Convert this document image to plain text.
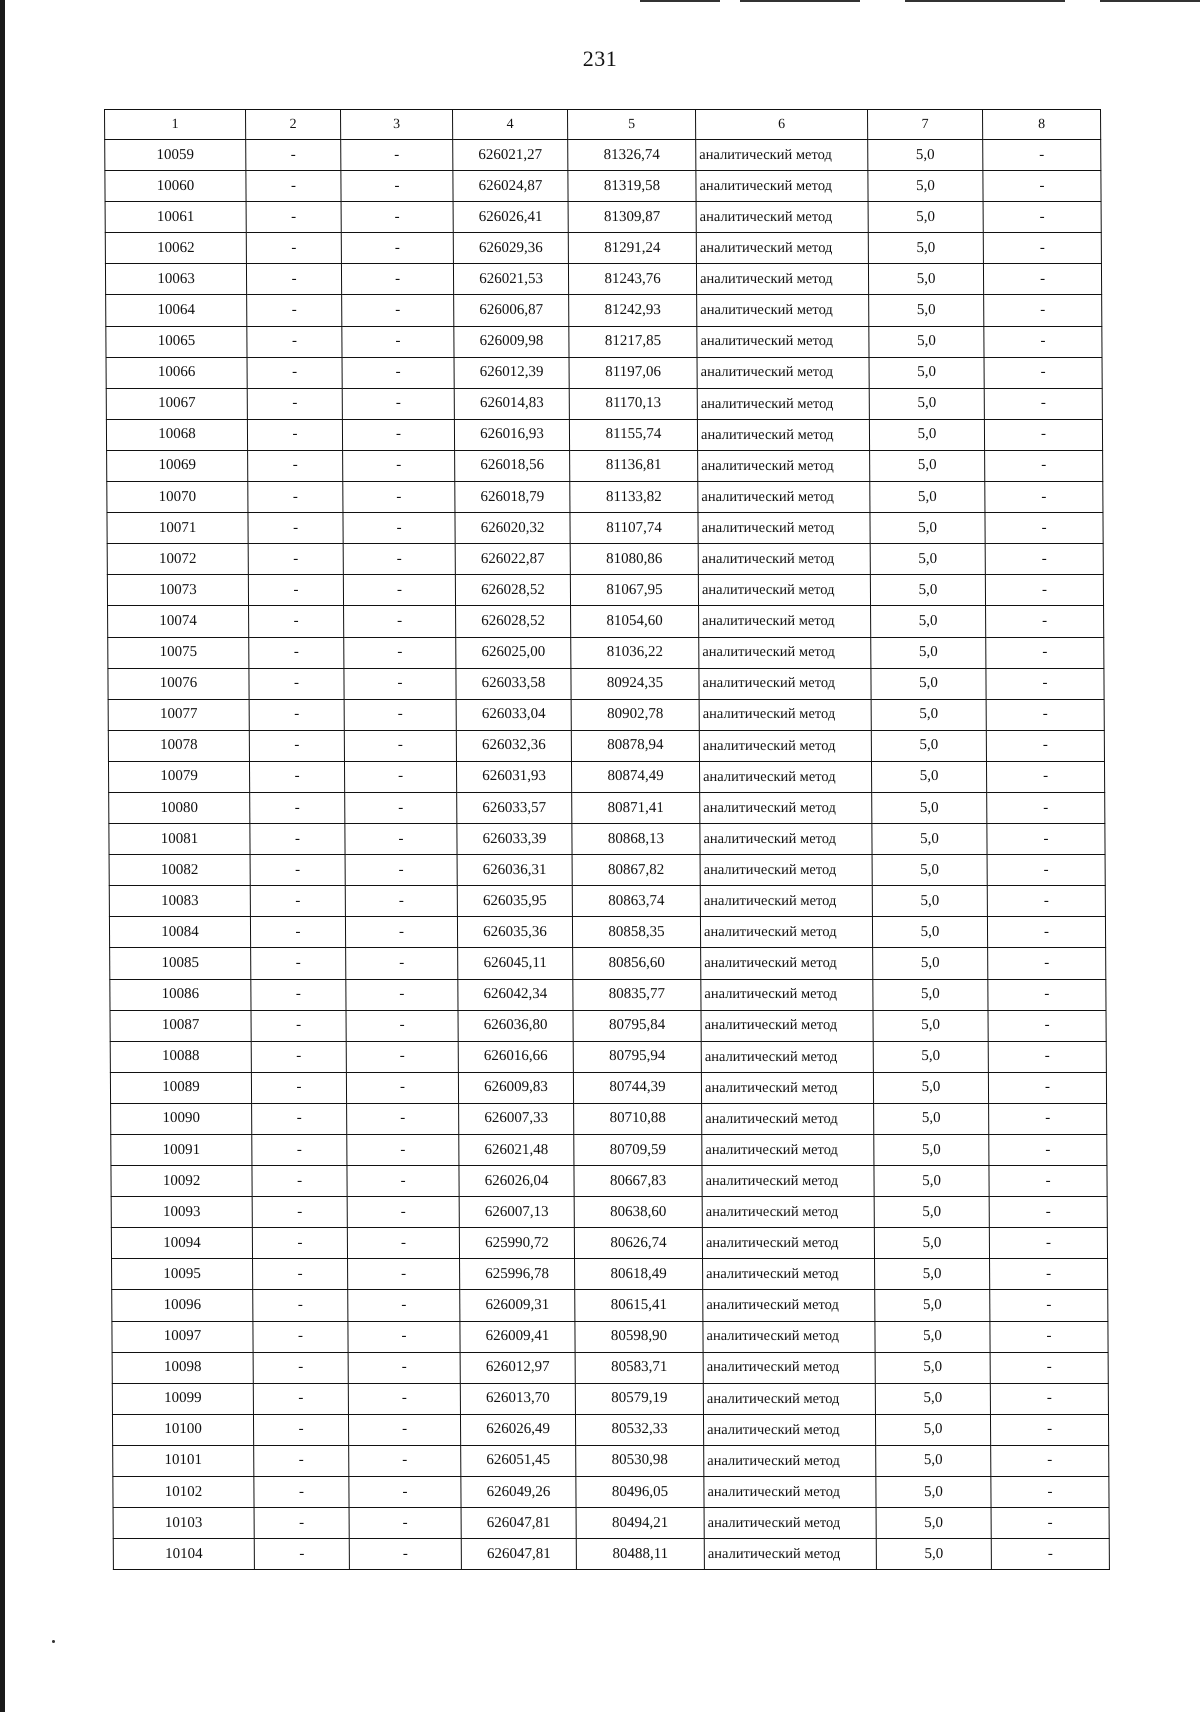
231
1	2	3	4	5	6	7	8
10059	-	-	626021,27	81326,74	аналитический метод	5,0	-
10060	-	-	626024,87	81319,58	аналитический метод	5,0	-
10061	-	-	626026,41	81309,87	аналитический метод	5,0	-
10062	-	-	626029,36	81291,24	аналитический метод	5,0	-
10063	-	-	626021,53	81243,76	аналитический метод	5,0	-
10064	-	-	626006,87	81242,93	аналитический метод	5,0	-
10065	-	-	626009,98	81217,85	аналитический метод	5,0	-
10066	-	-	626012,39	81197,06	аналитический метод	5,0	-
10067	-	-	626014,83	81170,13	аналитический метод	5,0	-
10068	-	-	626016,93	81155,74	аналитический метод	5,0	-
10069	-	-	626018,56	81136,81	аналитический метод	5,0	-
10070	-	-	626018,79	81133,82	аналитический метод	5,0	-
10071	-	-	626020,32	81107,74	аналитический метод	5,0	-
10072	-	-	626022,87	81080,86	аналитический метод	5,0	-
10073	-	-	626028,52	81067,95	аналитический метод	5,0	-
10074	-	-	626028,52	81054,60	аналитический метод	5,0	-
10075	-	-	626025,00	81036,22	аналитический метод	5,0	-
10076	-	-	626033,58	80924,35	аналитический метод	5,0	-
10077	-	-	626033,04	80902,78	аналитический метод	5,0	-
10078	-	-	626032,36	80878,94	аналитический метод	5,0	-
10079	-	-	626031,93	80874,49	аналитический метод	5,0	-
10080	-	-	626033,57	80871,41	аналитический метод	5,0	-
10081	-	-	626033,39	80868,13	аналитический метод	5,0	-
10082	-	-	626036,31	80867,82	аналитический метод	5,0	-
10083	-	-	626035,95	80863,74	аналитический метод	5,0	-
10084	-	-	626035,36	80858,35	аналитический метод	5,0	-
10085	-	-	626045,11	80856,60	аналитический метод	5,0	-
10086	-	-	626042,34	80835,77	аналитический метод	5,0	-
10087	-	-	626036,80	80795,84	аналитический метод	5,0	-
10088	-	-	626016,66	80795,94	аналитический метод	5,0	-
10089	-	-	626009,83	80744,39	аналитический метод	5,0	-
10090	-	-	626007,33	80710,88	аналитический метод	5,0	-
10091	-	-	626021,48	80709,59	аналитический метод	5,0	-
10092	-	-	626026,04	80667,83	аналитический метод	5,0	-
10093	-	-	626007,13	80638,60	аналитический метод	5,0	-
10094	-	-	625990,72	80626,74	аналитический метод	5,0	-
10095	-	-	625996,78	80618,49	аналитический метод	5,0	-
10096	-	-	626009,31	80615,41	аналитический метод	5,0	-
10097	-	-	626009,41	80598,90	аналитический метод	5,0	-
10098	-	-	626012,97	80583,71	аналитический метод	5,0	-
10099	-	-	626013,70	80579,19	аналитический метод	5,0	-
10100	-	-	626026,49	80532,33	аналитический метод	5,0	-
10101	-	-	626051,45	80530,98	аналитический метод	5,0	-
10102	-	-	626049,26	80496,05	аналитический метод	5,0	-
10103	-	-	626047,81	80494,21	аналитический метод	5,0	-
10104	-	-	626047,81	80488,11	аналитический метод	5,0	-
